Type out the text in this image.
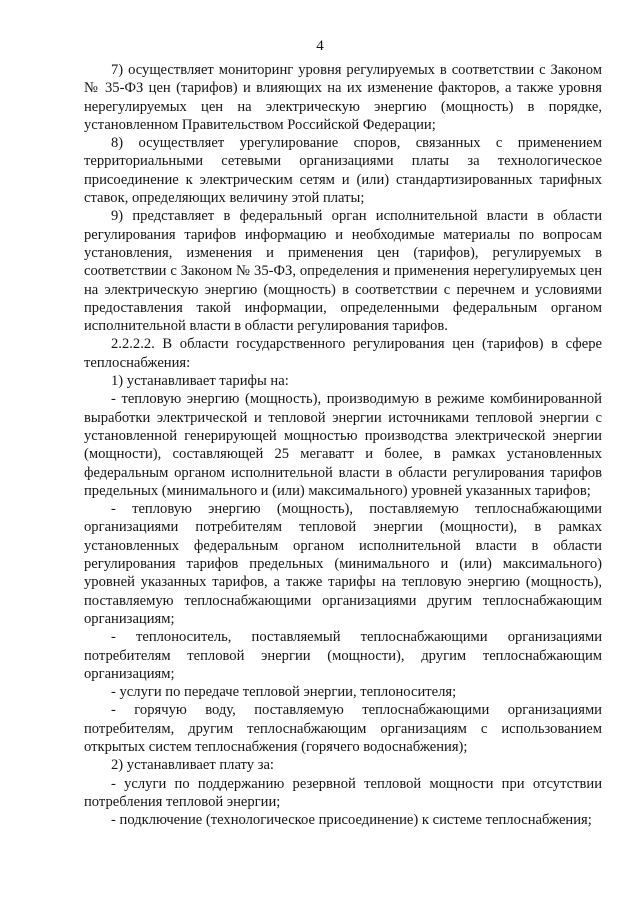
4

7) осуществляет мониторинг уровня регулируемых в соответствии с Законом № 35-ФЗ цен (тарифов) и влияющих на их изменение факторов, а также уровня нерегулируемых цен на электрическую энергию (мощность) в порядке, установленном Правительством Российской Федерации;

8) осуществляет урегулирование споров, связанных с применением территориальными сетевыми организациями платы за технологическое присоединение к электрическим сетям и (или) стандартизированных тарифных ставок, определяющих величину этой платы;

9) представляет в федеральный орган исполнительной власти в области регулирования тарифов информацию и необходимые материалы по вопросам установления, изменения и применения цен (тарифов), регулируемых в соответствии с Законом № 35-ФЗ, определения и применения нерегулируемых цен на электрическую энергию (мощность) в соответствии с перечнем и условиями предоставления такой информации, определенными федеральным органом исполнительной власти в области регулирования тарифов.

2.2.2.2. В области государственного регулирования цен (тарифов) в сфере теплоснабжения:

1) устанавливает тарифы на:

- тепловую энергию (мощность), производимую в режиме комбинированной выработки электрической и тепловой энергии источниками тепловой энергии с установленной генерирующей мощностью производства электрической энергии (мощности), составляющей 25 мегаватт и более, в рамках установленных федеральным органом исполнительной власти в области регулирования тарифов предельных (минимального и (или) максимального) уровней указанных тарифов;

- тепловую энергию (мощность), поставляемую теплоснабжающими организациями потребителям тепловой энергии (мощности), в рамках установленных федеральным органом исполнительной власти в области регулирования тарифов предельных (минимального и (или) максимального) уровней указанных тарифов, а также тарифы на тепловую энергию (мощность), поставляемую теплоснабжающими организациями другим теплоснабжающим организациям;

- теплоноситель, поставляемый теплоснабжающими организациями потребителям тепловой энергии (мощности), другим теплоснабжающим организациям;

- услуги по передаче тепловой энергии, теплоносителя;

- горячую воду, поставляемую теплоснабжающими организациями потребителям, другим теплоснабжающим организациям с использованием открытых систем теплоснабжения (горячего водоснабжения);

2) устанавливает плату за:

- услуги по поддержанию резервной тепловой мощности при отсутствии потребления тепловой энергии;

- подключение (технологическое присоединение) к системе теплоснабжения;
